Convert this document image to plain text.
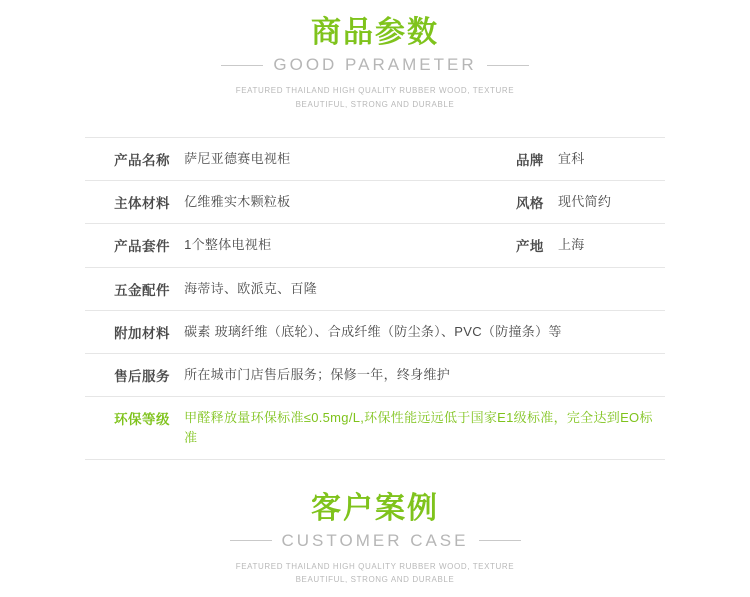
商品参数
GOOD PARAMETER
FEATURED THAILAND HIGH QUALITY RUBBER WOOD, TEXTURE
BEAUTIFUL, STRONG AND DURABLE
产品名称	萨尼亚德赛电视柜	品牌	宜科
主体材料	亿维雅实木颗粒板	风格	现代简约
产品套件	1个整体电视柜	产地	上海
五金配件	海蒂诗、欧派克、百隆		
附加材料	碳素 玻璃纤维（底轮）、合成纤维（防尘条）、PVC（防撞条）等		
售后服务	所在城市门店售后服务；保修一年，终身维护		
环保等级	甲醛释放量环保标准≤0.5mg/L,环保性能远远低于国家E1级标准，完全达到EO标准		
客户案例
CUSTOMER CASE
FEATURED THAILAND HIGH QUALITY RUBBER WOOD, TEXTURE
BEAUTIFUL, STRONG AND DURABLE
